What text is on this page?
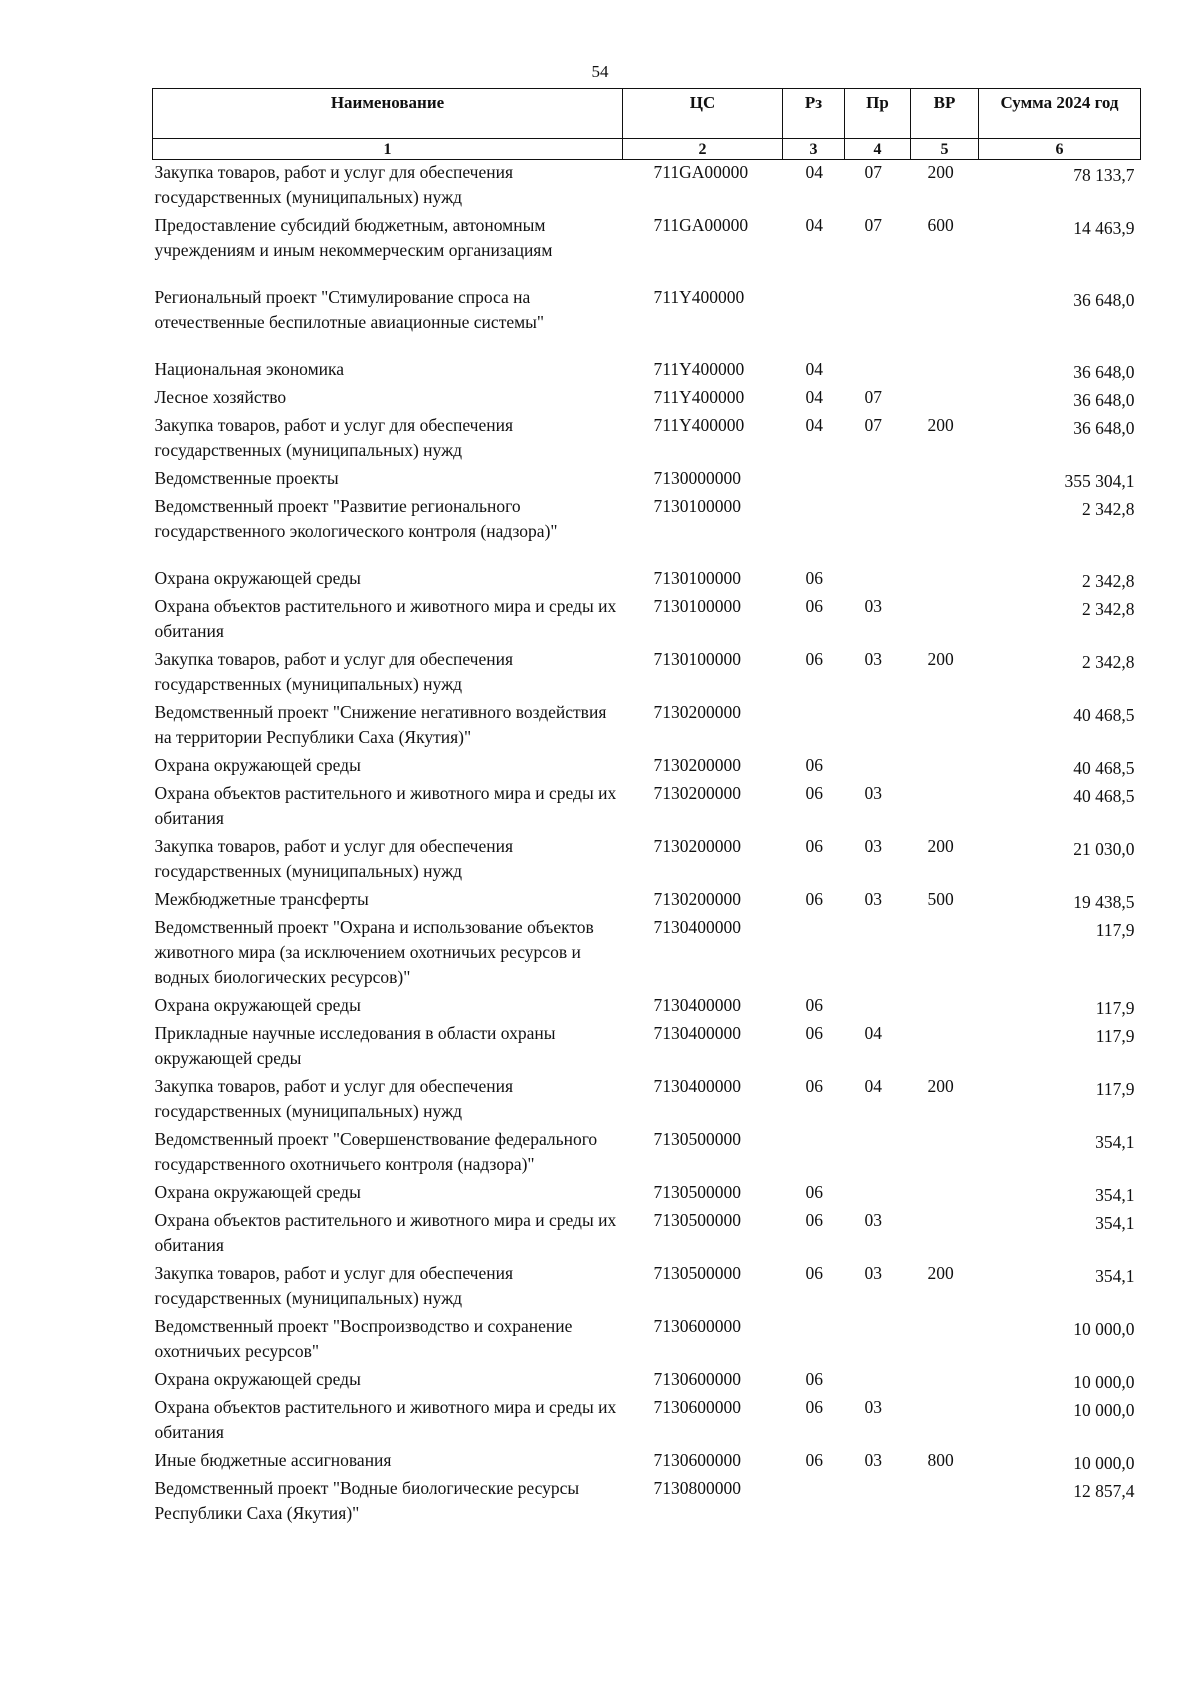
54
Наименование	ЦС	Рз	Пр	ВР	Сумма 2024 год
1	2	3	4	5	6
Закупка товаров, работ и услуг для обеспечения государственных (муниципальных) нужд	711GA00000	04	07	200	78 133,7
Предоставление субсидий бюджетным, автономным учреждениям и иным некоммерческим организациям	711GA00000	04	07	600	14 463,9
Региональный проект "Стимулирование спроса на отечественные беспилотные авиационные системы"	711Y400000				36 648,0
Национальная экономика	711Y400000	04			36 648,0
Лесное хозяйство	711Y400000	04	07		36 648,0
Закупка товаров, работ и услуг для обеспечения государственных (муниципальных) нужд	711Y400000	04	07	200	36 648,0
Ведомственные проекты	7130000000				355 304,1
Ведомственный проект "Развитие регионального государственного экологического контроля (надзора)"	7130100000				2 342,8
Охрана окружающей среды	7130100000	06			2 342,8
Охрана объектов растительного и животного мира и среды их обитания	7130100000	06	03		2 342,8
Закупка товаров, работ и услуг для обеспечения государственных (муниципальных) нужд	7130100000	06	03	200	2 342,8
Ведомственный проект "Снижение негативного воздействия на территории Республики Саха (Якутия)"	7130200000				40 468,5
Охрана окружающей среды	7130200000	06			40 468,5
Охрана объектов растительного и животного мира и среды их обитания	7130200000	06	03		40 468,5
Закупка товаров, работ и услуг для обеспечения государственных (муниципальных) нужд	7130200000	06	03	200	21 030,0
Межбюджетные трансферты	7130200000	06	03	500	19 438,5
Ведомственный проект "Охрана и использование объектов животного мира (за исключением охотничьих ресурсов и водных биологических ресурсов)"	7130400000				117,9
Охрана окружающей среды	7130400000	06			117,9
Прикладные научные исследования в области охраны окружающей среды	7130400000	06	04		117,9
Закупка товаров, работ и услуг для обеспечения государственных (муниципальных) нужд	7130400000	06	04	200	117,9
Ведомственный проект "Совершенствование федерального государственного охотничьего контроля (надзора)"	7130500000				354,1
Охрана окружающей среды	7130500000	06			354,1
Охрана объектов растительного и животного мира и среды их обитания	7130500000	06	03		354,1
Закупка товаров, работ и услуг для обеспечения государственных (муниципальных) нужд	7130500000	06	03	200	354,1
Ведомственный проект "Воспроизводство и сохранение охотничьих ресурсов"	7130600000				10 000,0
Охрана окружающей среды	7130600000	06			10 000,0
Охрана объектов растительного и животного мира и среды их обитания	7130600000	06	03		10 000,0
Иные бюджетные ассигнования	7130600000	06	03	800	10 000,0
Ведомственный проект "Водные биологические ресурсы Республики Саха (Якутия)"	7130800000				12 857,4
